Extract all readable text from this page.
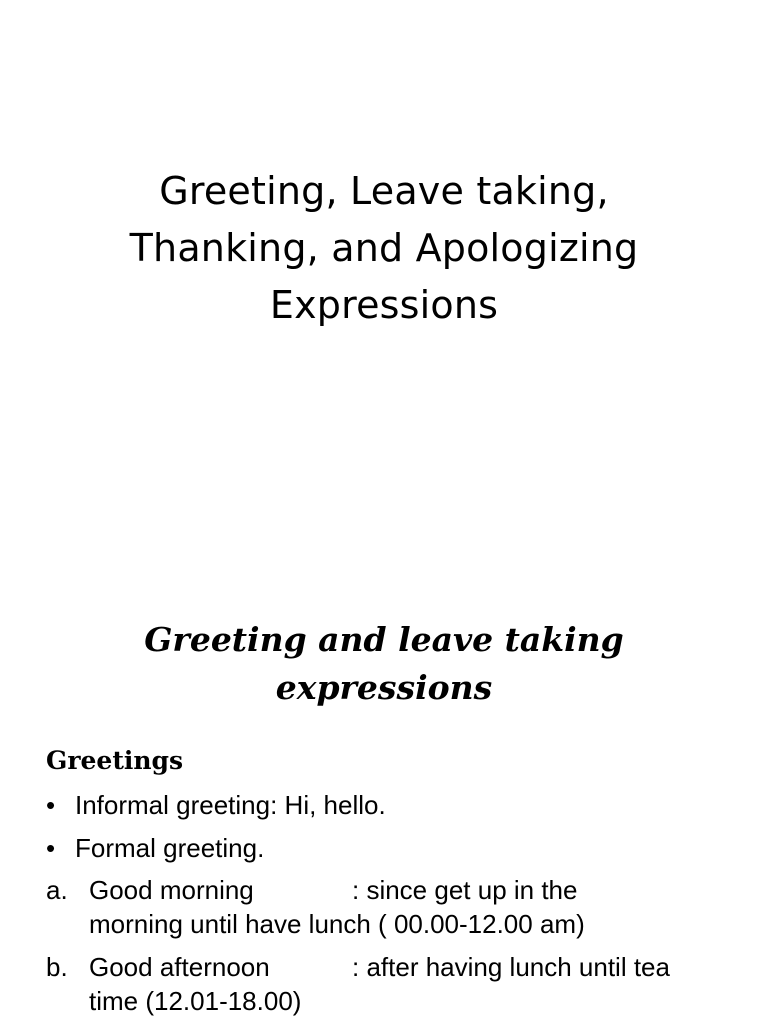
Greeting, Leave taking,
Thanking, and Apologizing
Expressions
Greeting and leave taking
expressions
Greetings
• Informal greeting: Hi, hello.
• Formal greeting.
a. Good morning	: since get up in the
morning until have lunch ( 00.00-12.00 am)
b. Good afternoon	: after having lunch until tea
time (12.01-18.00)
